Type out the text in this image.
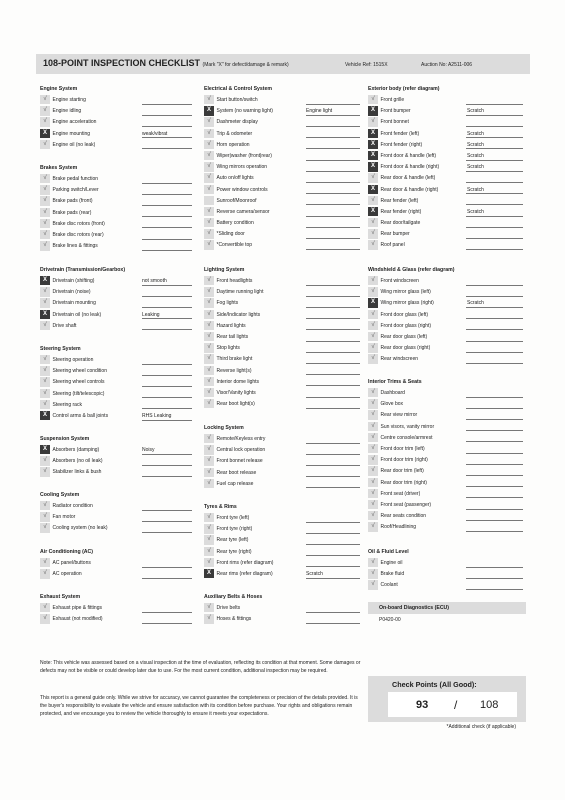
108-POINT INSPECTION CHECKLIST (Mark "X" for defect/damage & remark)	Vehicle Ref: 1515X	Auction No: A2511-006
Engine System
√	Engine starting
√	Engine idling
√	Engine acceleration
X	Engine mounting	weak/vibrat
√	Engine oil (no leak)
Brakes System
√	Brake pedal function
√	Parking switch/Lever
√	Brake pads (front)
√	Brake pads (rear)
√	Brake disc rotors (front)
√	Brake disc rotors (rear)
√	Brake lines & fittings
Drivetrain (Transmission/Gearbox)
X	Drivetrain (shifting)	not smooth
√	Drivetrain (noise)
√	Drivetrain mounting
X	Drivetrain oil (no leak)	Leaking
√	Drive shaft
Steering System
√	Steering operation
√	Steering wheel condition
√	Steering wheel controls
√	Steering (tilt/telescopic)
√	Steering rack
X	Control arms & ball joints	RHS Leaking
Suspension System
X	Absorbers (damping)	Noisy
√	Absorbers (no oil leak)
√	Stabilizer links & bush
Cooling System
√	Radiator condition
√	Fan motor
√	Cooling system (no leak)
Air Conditioning (AC)
√	AC panel/buttons
√	AC operation
Exhaust System
√	Exhaust pipe & fittings
√	Exhaust (not modified)
Electrical & Control System
√	Start button/switch
X	System (no warning light)	Engine light
√	Dashmeter display
√	Trip & odometer
√	Horn operation
√	Wiper|washer (front|rear)
√	Wing mirrors operation
√	Auto on/off lights
√	Power window controls
Sunroof/Moonroof
√	Reverse camera/sensor
√	Battery condition
√	*Sliding door
√	*Convertible top
Lighting System
√	Front headlights
√	Daytime running light
√	Fog lights
√	Side/Indicator lights
√	Hazard lights
√	Rear tail lights
√	Stop lights
√	Third brake light
√	Reverse light(s)
√	Interior dome lights
√	Visor/Vanity lights
√	Rear boot light(s)
Locking System
√	Remote/Keyless entry
√	Central lock operation
√	Front bonnet release
√	Rear boot release
√	Fuel cap release
Tyres & Rims
√	Front tyre (left)
√	Front tyre (right)
√	Rear tyre (left)
√	Rear tyre (right)
√	Front rims (refer diagram)
X	Rear rims (refer diagram)	Scratch
Auxiliary Belts & Hoses
√	Drive belts
√	Hoses & fittings
Exterior body (refer diagram)
√	Front grille
X	Front bumper	Scratch
√	Front bonnet
X	Front fender (left)	Scratch
X	Front fender (right)	Scratch
X	Front door & handle (left)	Scratch
X	Front door & handle (right)	Scratch
√	Rear door & handle (left)
X	Rear door & handle (right)	Scratch
√	Rear fender (left)
X	Rear fender (right)	Scratch
√	Rear door/tailgate
√	Rear bumper
√	Roof panel
Windshield & Glass (refer diagram)
√	Front windscreen
√	Wing mirror glass (left)
X	Wing mirror glass (right)	Scratch
√	Front door glass (left)
√	Front door glass (right)
√	Rear door glass (left)
√	Rear door glass (right)
√	Rear windscreen
Interior Trims & Seats
√	Dashboard
√	Glove box
√	Rear view mirror
√	Sun visors, vanity mirror
√	Centre console/armrest
√	Front door trim (left)
√	Front door trim (right)
√	Rear door trim (left)
√	Rear door trim (right)
√	Front seat (driver)
√	Front seat (passenger)
√	Rear seats condition
√	Roof/Headlining
Oil & Fluid Level
√	Engine oil
√	Brake fluid
√	Coolant
On-board Diagnostics (ECU)
P0420-00
Note: This vehicle was assessed based on a visual inspection at the time of evaluation, reflecting its condition at that moment. Some damages or defects may not be visible or could develop later due to use. For the most current condition, additional inspection may be required.
This report is a general guide only. While we strive for accuracy, we cannot guarantee the completeness or precision of the details provided. It is the buyer's responsibility to evaluate the vehicle and ensure satisfaction with its condition before purchase. Your rights and obligations remain protected, and we encourage you to review the vehicle thoroughly to ensure it meets your expectations.
Check Points (All Good):
93 / 108
*Additional check (if applicable)
